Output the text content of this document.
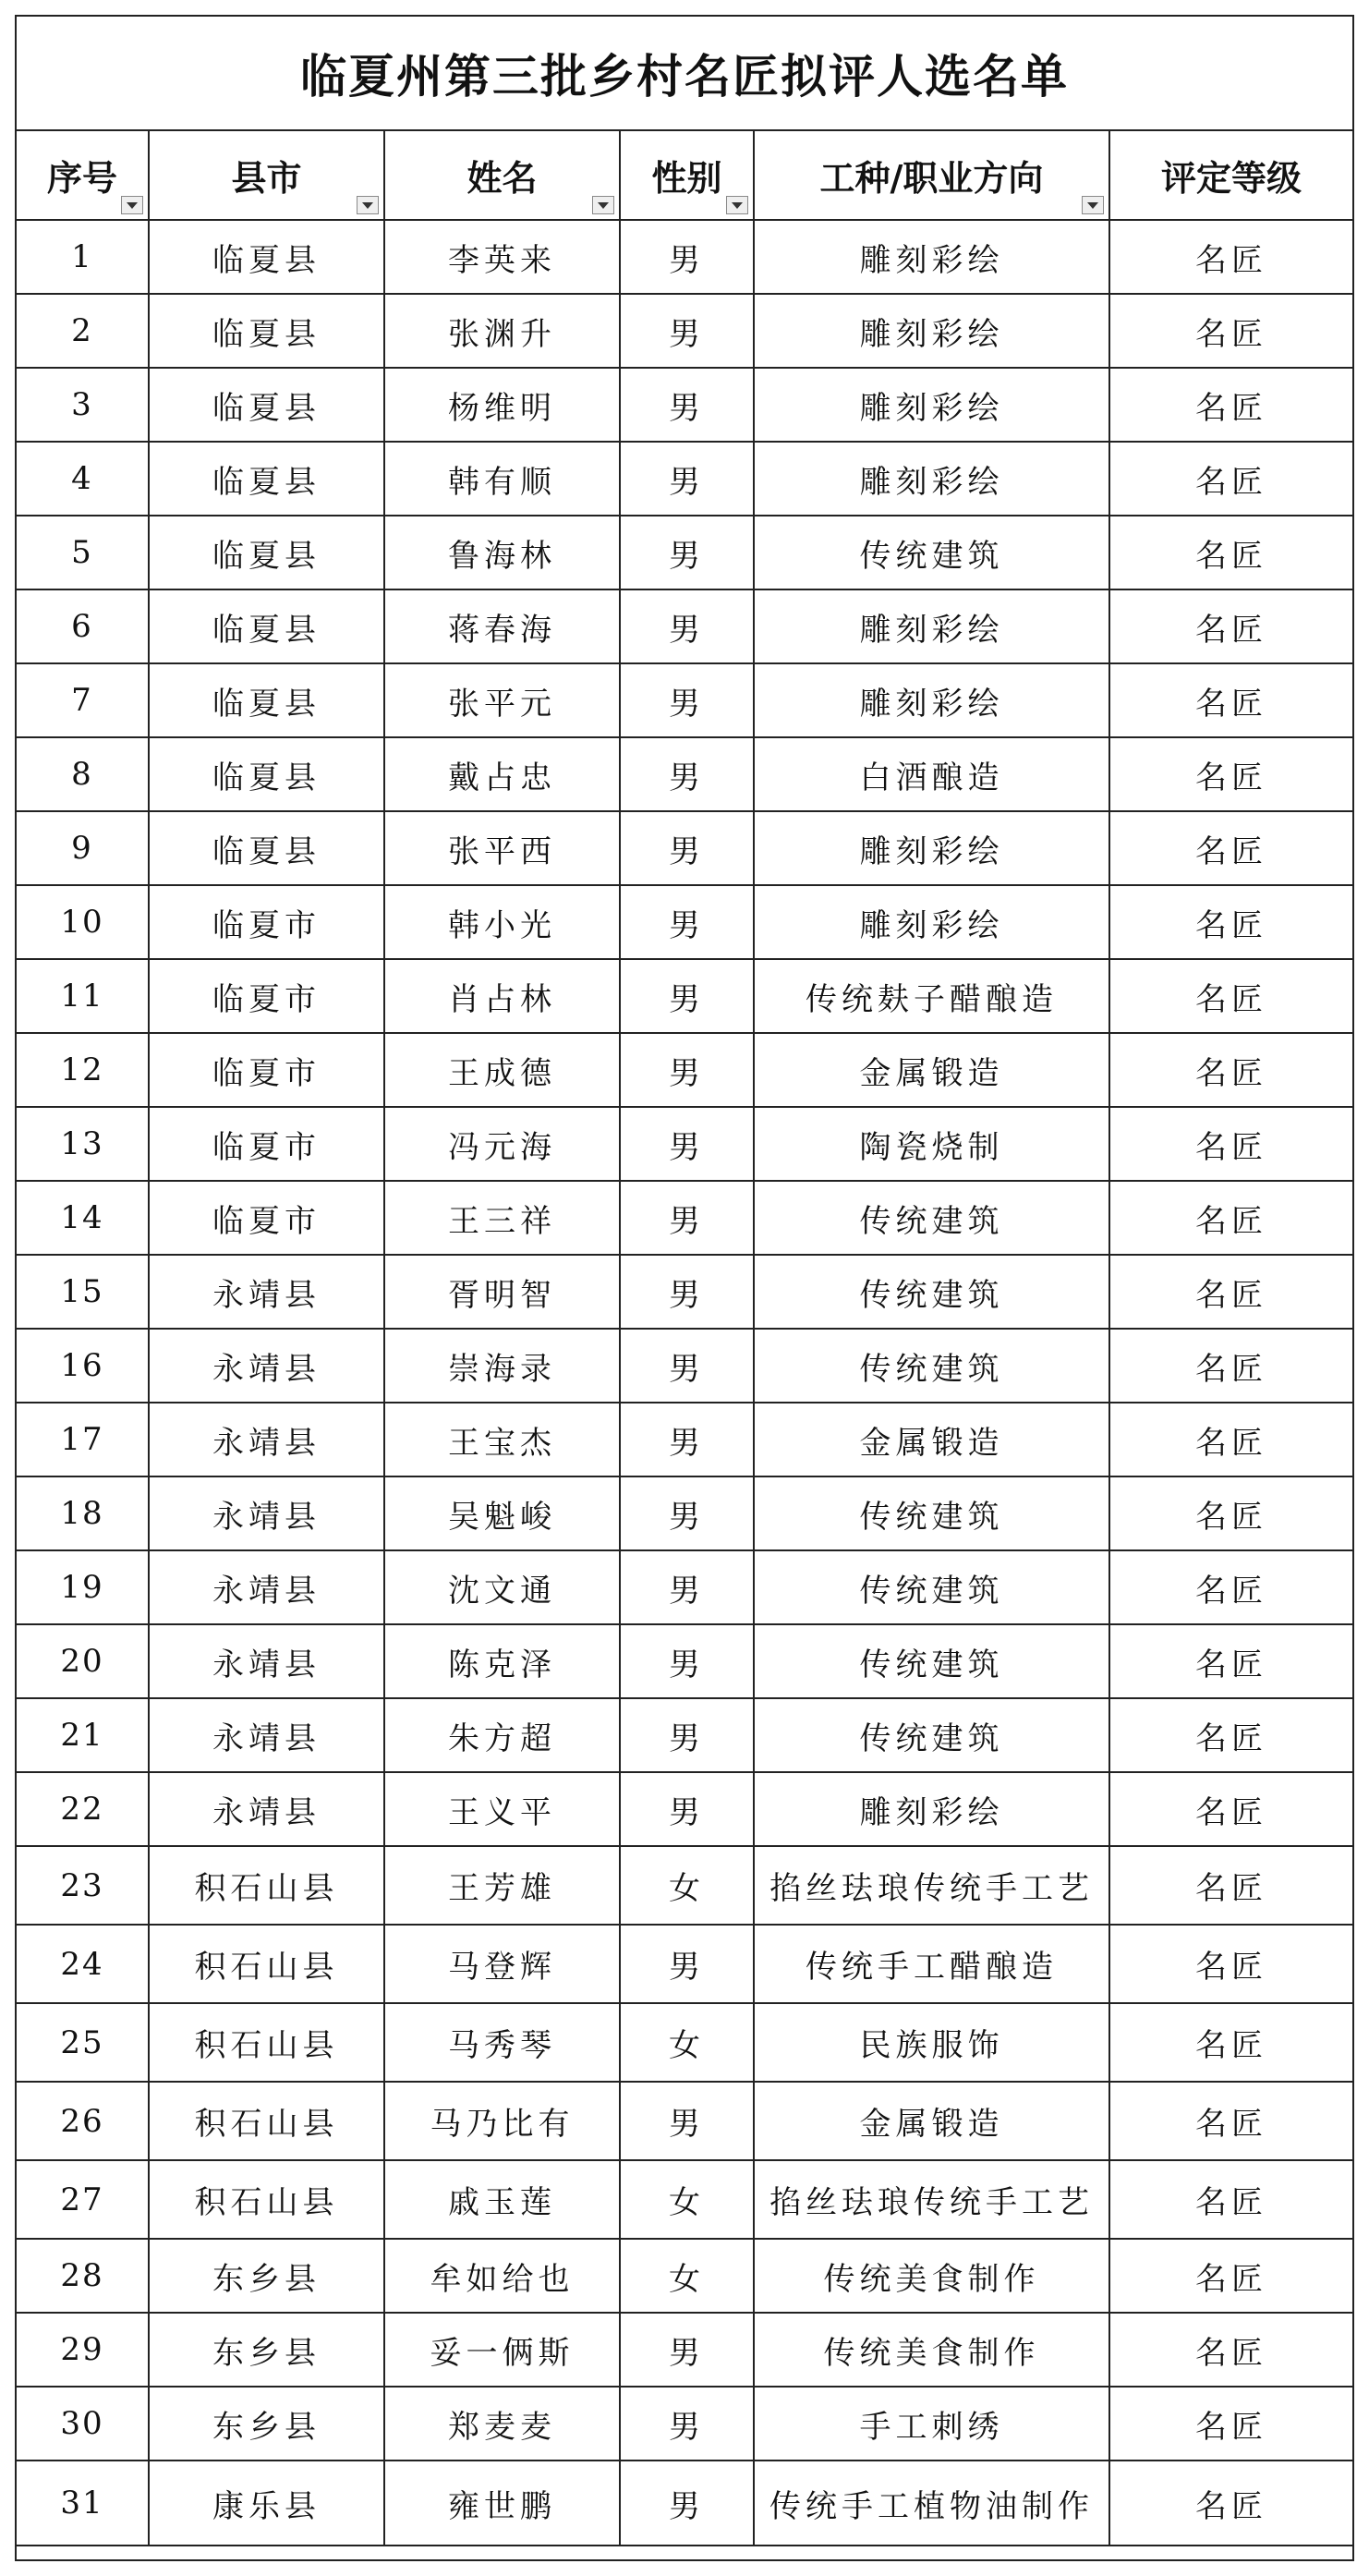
临夏州第三批乡村名匠拟评人选名单
序号	县市	姓名	性别	工种/职业方向	评定等级
1	临夏县	李英来	男	雕刻彩绘	名匠
2	临夏县	张渊升	男	雕刻彩绘	名匠
3	临夏县	杨维明	男	雕刻彩绘	名匠
4	临夏县	韩有顺	男	雕刻彩绘	名匠
5	临夏县	鲁海林	男	传统建筑	名匠
6	临夏县	蒋春海	男	雕刻彩绘	名匠
7	临夏县	张平元	男	雕刻彩绘	名匠
8	临夏县	戴占忠	男	白酒酿造	名匠
9	临夏县	张平西	男	雕刻彩绘	名匠
10	临夏市	韩小光	男	雕刻彩绘	名匠
11	临夏市	肖占林	男	传统麸子醋酿造	名匠
12	临夏市	王成德	男	金属锻造	名匠
13	临夏市	冯元海	男	陶瓷烧制	名匠
14	临夏市	王三祥	男	传统建筑	名匠
15	永靖县	胥明智	男	传统建筑	名匠
16	永靖县	崇海录	男	传统建筑	名匠
17	永靖县	王宝杰	男	金属锻造	名匠
18	永靖县	吴魁峻	男	传统建筑	名匠
19	永靖县	沈文通	男	传统建筑	名匠
20	永靖县	陈克泽	男	传统建筑	名匠
21	永靖县	朱方超	男	传统建筑	名匠
22	永靖县	王义平	男	雕刻彩绘	名匠
23	积石山县	王芳雄	女	掐丝珐琅传统手工艺	名匠
24	积石山县	马登辉	男	传统手工醋酿造	名匠
25	积石山县	马秀琴	女	民族服饰	名匠
26	积石山县	马乃比有	男	金属锻造	名匠
27	积石山县	戚玉莲	女	掐丝珐琅传统手工艺	名匠
28	东乡县	牟如给也	女	传统美食制作	名匠
29	东乡县	妥一俩斯	男	传统美食制作	名匠
30	东乡县	郑麦麦	男	手工刺绣	名匠
31	康乐县	雍世鹏	男	传统手工植物油制作	名匠
